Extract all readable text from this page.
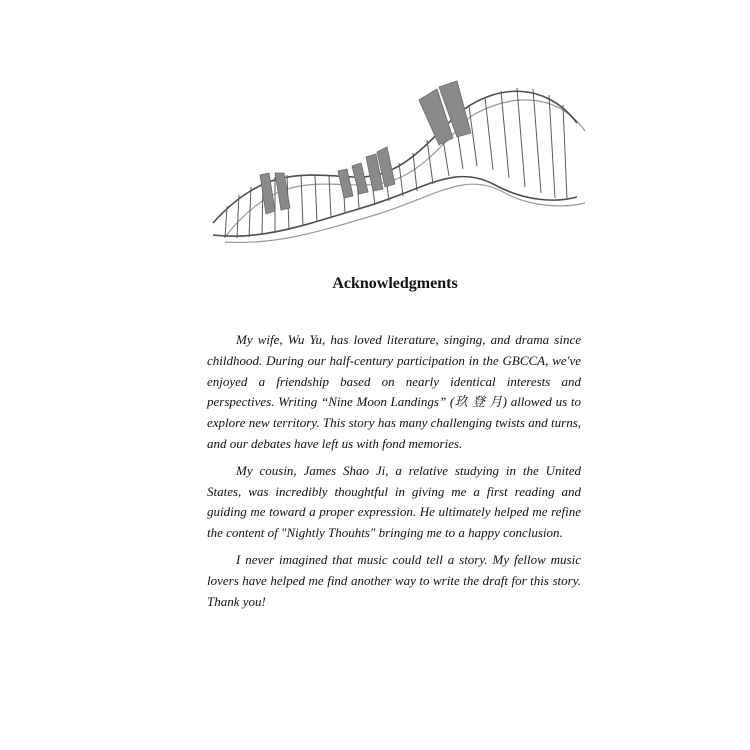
Acknowledgments

My wife, Wu Yu, has loved literature, singing, and drama since childhood. During our half-century participation in the GBCCA, we've enjoyed a friendship based on nearly identical interests and perspectives. Writing “Nine Moon Landings” (玖 登 月) allowed us to explore new territory. This story has many challenging twists and turns, and our debates have left us with fond memories.

My cousin, James Shao Ji, a relative studying in the United States, was incredibly thoughtful in giving me a first reading and guiding me toward a proper expression. He ultimately helped me refine the content of "Nightly Thouhts" bringing me to a happy conclusion.

I never imagined that music could tell a story. My fellow music lovers have helped me find another way to write the draft for this story. Thank you!
